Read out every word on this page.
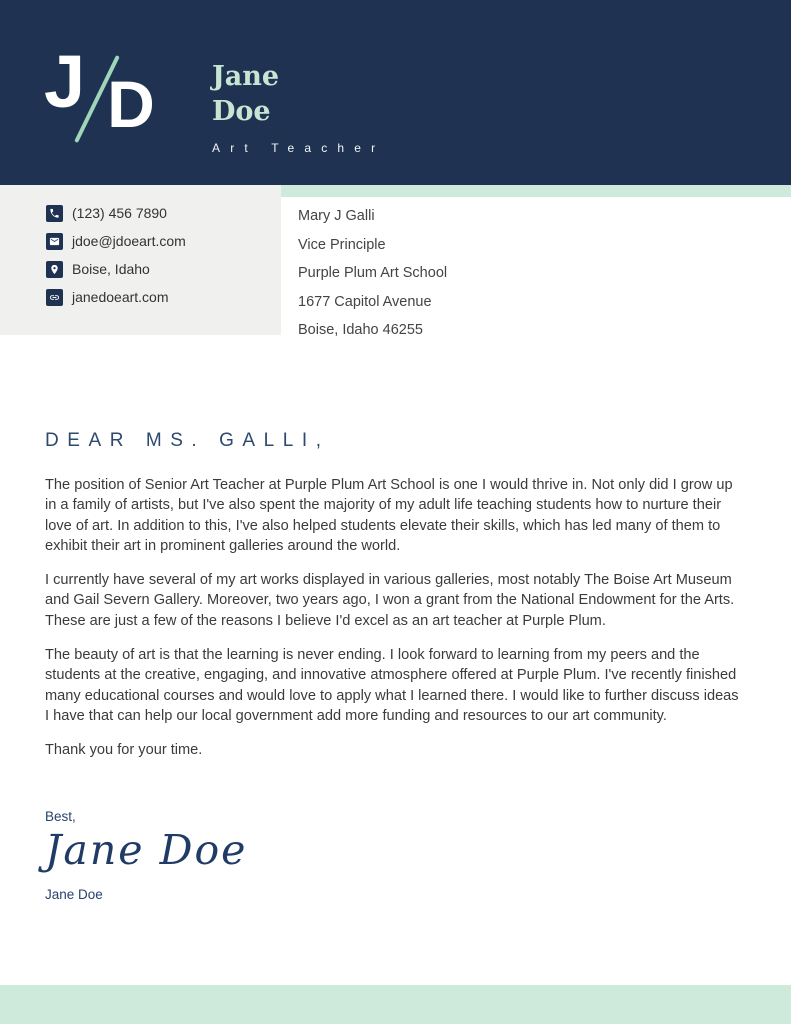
J D Jane
Doe
Art Teacher
(123) 456 7890
jdoe@jdoeart.com
Boise, Idaho
janedoeart.com
Mary J Galli
Vice Principle
Purple Plum Art School
1677 Capitol Avenue
Boise, Idaho 46255
DEAR MS. GALLI,

The position of Senior Art Teacher at Purple Plum Art School is one I would thrive in. Not only did I grow up in a family of artists, but I've also spent the majority of my adult life teaching students how to nurture their love of art. In addition to this, I've also helped students elevate their skills, which has led many of them to exhibit their art in prominent galleries around the world.

I currently have several of my art works displayed in various galleries, most notably The Boise Art Museum and Gail Severn Gallery. Moreover, two years ago, I won a grant from the National Endowment for the Arts. These are just a few of the reasons I believe I'd excel as an art teacher at Purple Plum.

The beauty of art is that the learning is never ending. I look forward to learning from my peers and the students at the creative, engaging, and innovative atmosphere offered at Purple Plum. I've recently finished many educational courses and would love to apply what I learned there. I would like to further discuss ideas I have that can help our local government add more funding and resources to our art community.

Thank you for your time.

Best,
Jane Doe
Jane Doe
